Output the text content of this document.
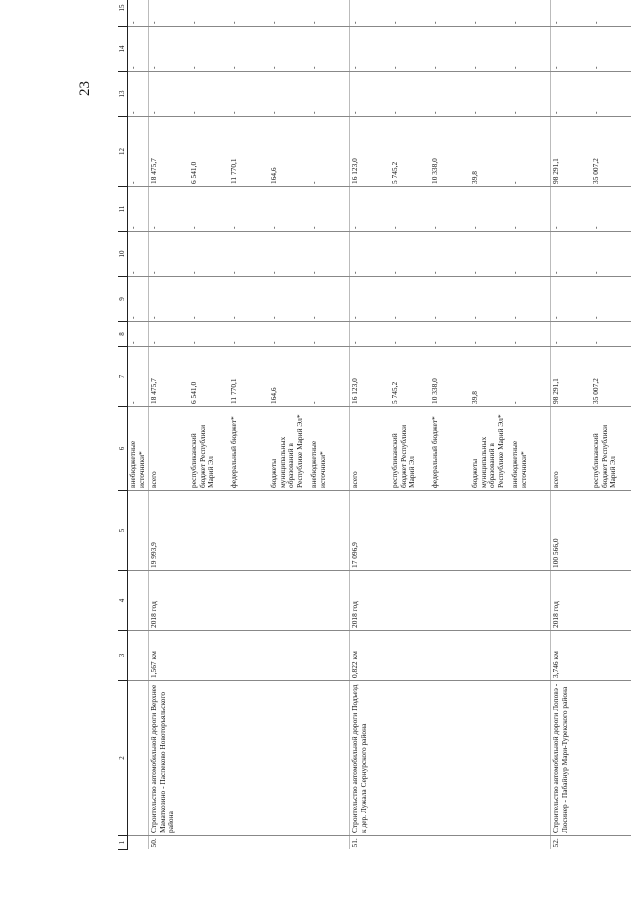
23
1	2	3	4	5	6	7	8	9	10	11	12	13	14	15
					внебюджетные источники*	-	-	-	-	-	-	-	-	-
50.	Строительство автомобильной дороги Верхнее Маматкозино - Паспеково Новоторъяльского района	1,567 км	2018 год	19 993,9	всего	18 475,7	-	-	-	-	18 475,7	-	-	-
					республиканский бюджет Республики Марий Эл	6 541,0	-	-	-	-	6 541,0	-	-	-
					федеральный бюджет*	11 770,1	-	-	-	-	11 770,1	-	-	-
					бюджеты муниципальных образований в Республике Марий Эл*	164,6	-	-	-	-	164,6	-	-	-
					внебюджетные источники*	-	-	-	-	-	-	-	-	-
51.	Строительство автомобильной дороги Подъезд к дер. Лужала Сернурского района	0,822 км	2018 год	17 096,9	всего	16 123,0	-	-	-	-	16 123,0	-	-	-
					республиканский бюджет Республики Марий Эл	5 745,2	-	-	-	-	5 745,2	-	-	-
					федеральный бюджет*	10 338,0	-	-	-	-	10 338,0	-	-	-
					бюджеты муниципальных образований в Республике Марий Эл*	39,8	-	-	-	-	39,8	-	-	-
					внебюджетные источники*	-	-	-	-	-	-	-	-	-
52.	Строительство автомобильной дороги Лоповэ - Люсинер - Пабайнур Мари-Турекского района	3,746 км	2018 год	100 566,0	всего	98 291,1	-	-	-	-	98 291,1	-	-	-
					республиканский бюджет Республики Марий Эл	35 007,2	-	-	-	-	35 007,2	-	-	-
